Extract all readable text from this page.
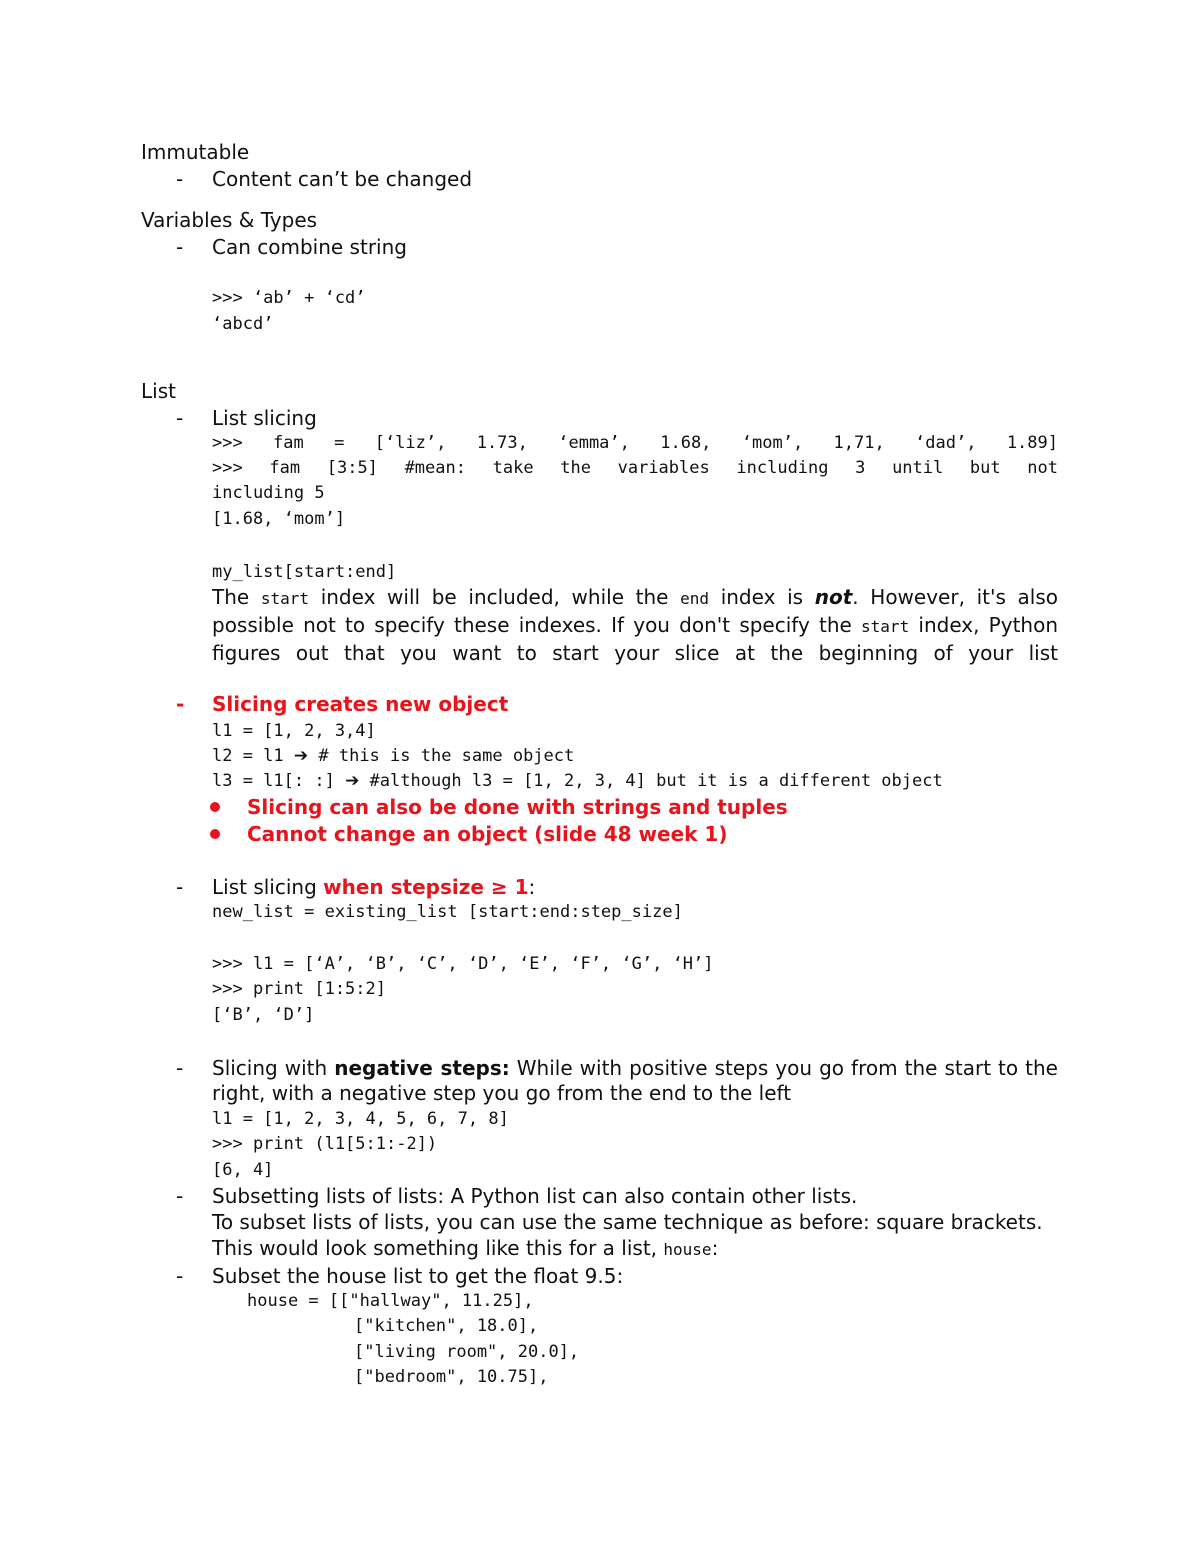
Immutable
-	Content can’t be changed
Variables & Types
-	Can combine string
>>> ‘ab’ + ‘cd’
‘abcd’
List
-	List slicing
>>> fam = [‘liz’, 1.73, ‘emma’, 1.68, ‘mom’, 1,71, ‘dad’, 1.89]
>>> fam [3:5] #mean: take the variables including 3 until but not
including 5
[1.68, ‘mom’]
my_list[start:end]
The start index will be included, while the end index is not. However, it's also possible not to specify these indexes. If you don't specify the start index, Python figures out that you want to start your slice at the beginning of your list
-	Slicing creates new object
l1 = [1, 2, 3,4]
l2 = l1 ➔ # this is the same object
l3 = l1[: :] ➔ #although l3 = [1, 2, 3, 4] but it is a different object
Slicing can also be done with strings and tuples
Cannot change an object (slide 48 week 1)
-	List slicing when stepsize ≥ 1:
new_list = existing_list [start:end:step_size]
>>> l1 = [‘A’, ‘B’, ‘C’, ‘D’, ‘E’, ‘F’, ‘G’, ‘H’]
>>> print [1:5:2]
[‘B’, ‘D’]
-	Slicing with negative steps: While with positive steps you go from the start to the
right, with a negative step you go from the end to the left
l1 = [1, 2, 3, 4, 5, 6, 7, 8]
>>> print (l1[5:1:-2])
[6, 4]
-	Subsetting lists of lists: A Python list can also contain other lists.
To subset lists of lists, you can use the same technique as before: square brackets.
This would look something like this for a list, house:
-	Subset the house list to get the float 9.5:
house = [["hallway", 11.25],
["kitchen", 18.0],
["living room", 20.0],
["bedroom", 10.75],
